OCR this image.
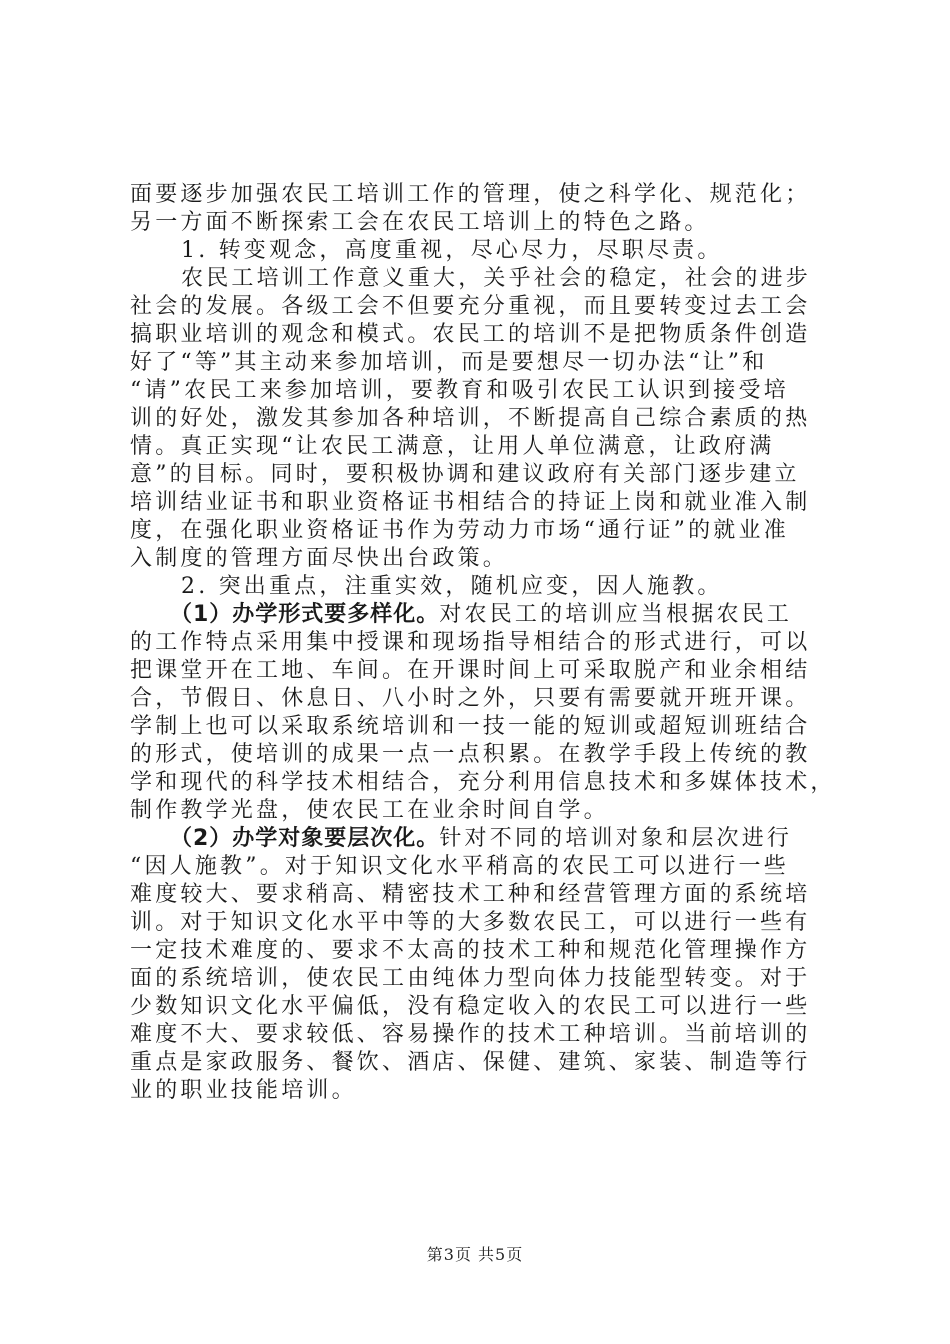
面要逐步加强农民工培训工作的管理，使之科学化、规范化；
另一方面不断探索工会在农民工培训上的特色之路。
1. 转变观念，高度重视，尽心尽力，尽职尽责。
农民工培训工作意义重大，关乎社会的稳定，社会的进步
社会的发展。各级工会不但要充分重视，而且要转变过去工会
搞职业培训的观念和模式。农民工的培训不是把物质条件创造
好了“等”其主动来参加培训，而是要想尽一切办法“让”和
“请”农民工来参加培训，要教育和吸引农民工认识到接受培
训的好处，激发其参加各种培训，不断提高自己综合素质的热
情。真正实现“让农民工满意，让用人单位满意，让政府满
意”的目标。同时，要积极协调和建议政府有关部门逐步建立
培训结业证书和职业资格证书相结合的持证上岗和就业准入制
度，在强化职业资格证书作为劳动力市场“通行证”的就业准
入制度的管理方面尽快出台政策。
2. 突出重点，注重实效，随机应变，因人施教。
（1）办学形式要多样化。对农民工的培训应当根据农民工
的工作特点采用集中授课和现场指导相结合的形式进行，可以
把课堂开在工地、车间。在开课时间上可采取脱产和业余相结
合，节假日、休息日、八小时之外，只要有需要就开班开课。
学制上也可以采取系统培训和一技一能的短训或超短训班结合
的形式，使培训的成果一点一点积累。在教学手段上传统的教
学和现代的科学技术相结合，充分利用信息技术和多媒体技术，
制作教学光盘，使农民工在业余时间自学。
（2）办学对象要层次化。针对不同的培训对象和层次进行
“因人施教”。对于知识文化水平稍高的农民工可以进行一些
难度较大、要求稍高、精密技术工种和经营管理方面的系统培
训。对于知识文化水平中等的大多数农民工，可以进行一些有
一定技术难度的、要求不太高的技术工种和规范化管理操作方
面的系统培训，使农民工由纯体力型向体力技能型转变。对于
少数知识文化水平偏低，没有稳定收入的农民工可以进行一些
难度不大、要求较低、容易操作的技术工种培训。当前培训的
重点是家政服务、餐饮、酒店、保健、建筑、家装、制造等行
业的职业技能培训。
第3页 共5页
